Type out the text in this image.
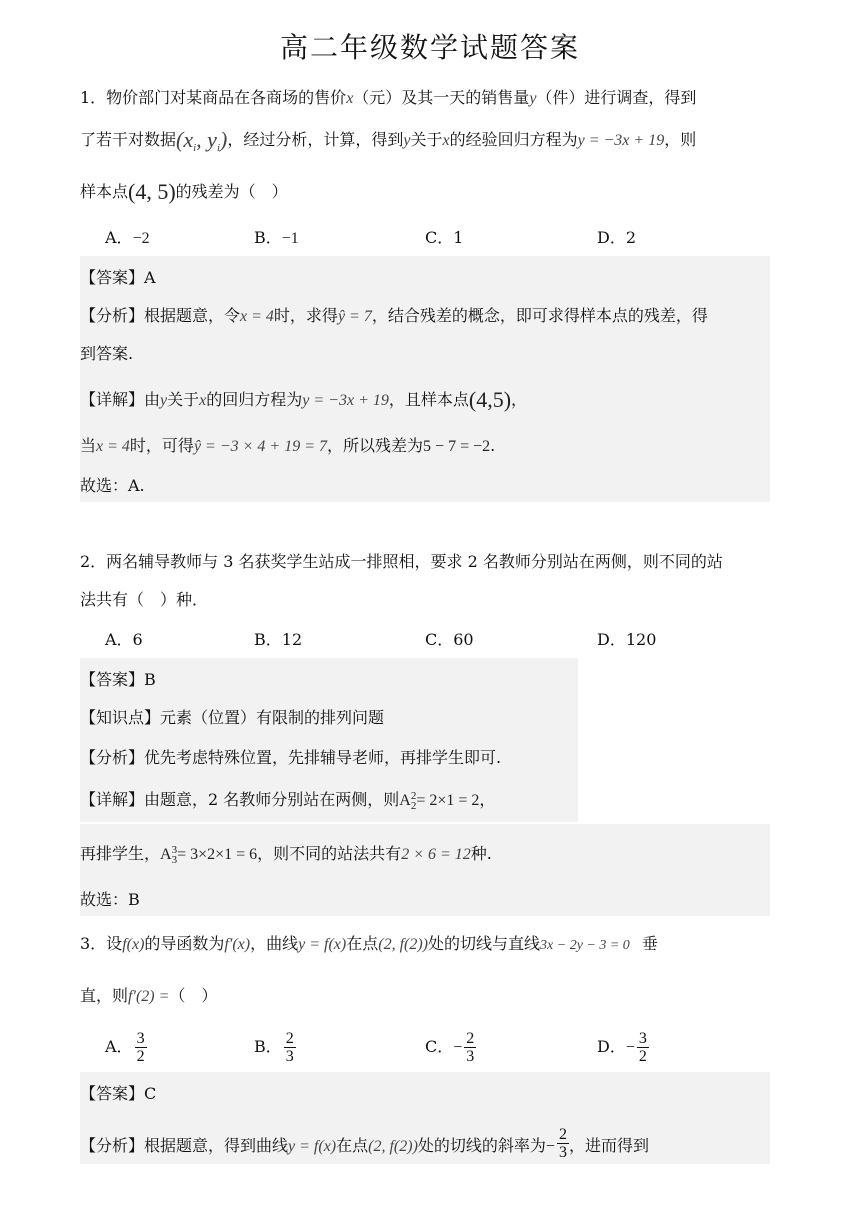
高二年级数学试题答案
1．物价部门对某商品在各商场的售价x（元）及其一天的销售量y（件）进行调查，得到
了若干对数据(xi, yi)，经过分析，计算，得到y关于x的经验回归方程为y = −3x + 19，则
样本点(4, 5)的残差为（　）
A．−2	B．−1	C．1	D．2
【答案】A
【分析】根据题意，令x = 4时，求得ŷ = 7，结合残差的概念，即可求得样本点的残差，得
到答案.
【详解】由y关于x的回归方程为y = −3x + 19，且样本点(4,5)，
当x = 4时，可得ŷ = −3 × 4 + 19 = 7，所以残差为5 − 7 = −2.
故选：A.
2．两名辅导教师与 3 名获奖学生站成一排照相，要求 2 名教师分别站在两侧，则不同的站
法共有（　）种．
A．6	B．12	C．60	D．120
【答案】B
【知识点】元素（位置）有限制的排列问题
【分析】优先考虑特殊位置，先排辅导老师，再排学生即可.
【详解】由题意，2 名教师分别站在两侧，则A 2
2 = 2×1 = 2，
再排学生，A 3
3 = 3×2×1 = 6，则不同的站法共有2 × 6 = 12种.
故选：B
3．设f(x)的导函数为f′(x)，曲线y = f(x)在点(2, f(2))处的切线与直线3x − 2y − 3 = 0 垂
直，则f′(2) =（　）
A． $\frac{3}{2}$	B． $\frac{2}{3}$	C．− $\frac{2}{3}$	D．− $\frac{3}{2}$
【答案】C
【分析】根据题意，得到曲线y = f(x)在点(2, f(2))处的切线的斜率为− $\frac{2}{3}$ ，进而得到
